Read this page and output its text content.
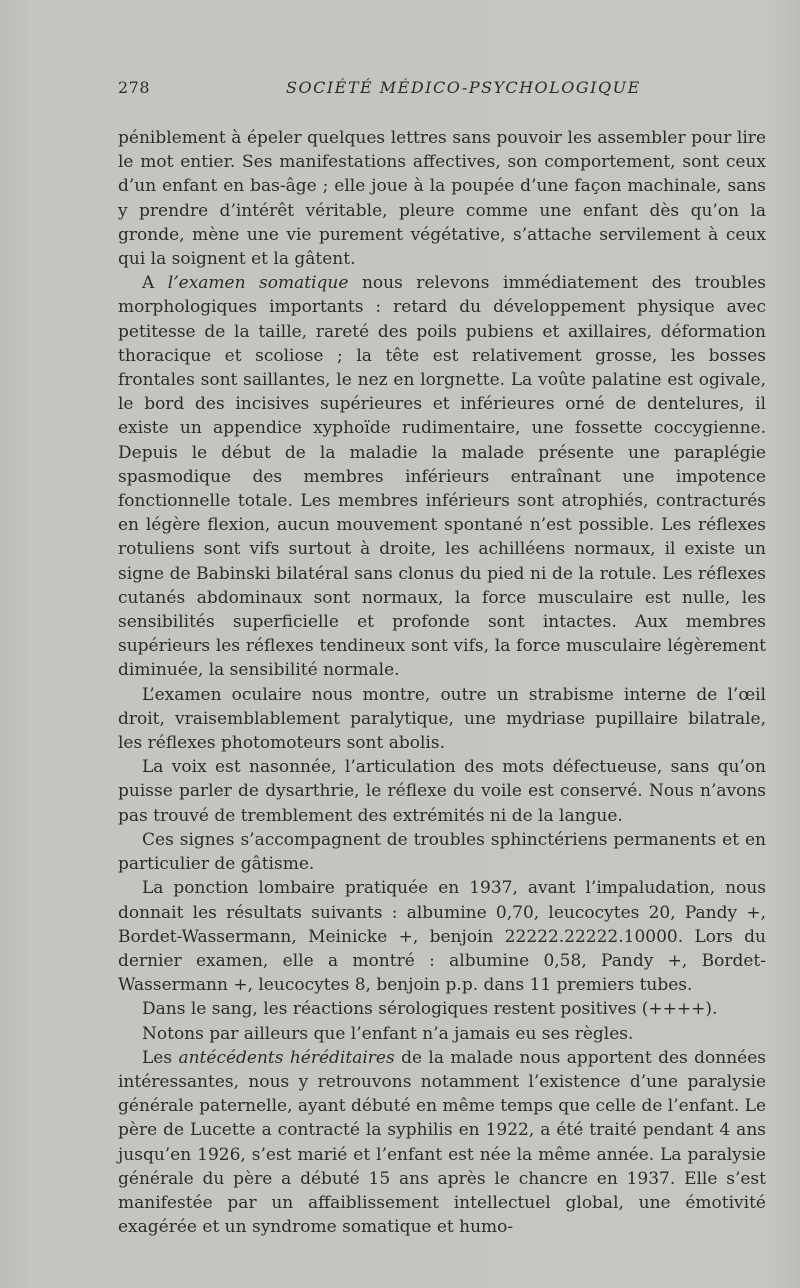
278	SOCIÉTÉ MÉDICO-PSYCHOLOGIQUE

péniblement à épeler quelques lettres sans pouvoir les assembler pour lire le mot entier. Ses manifestations affectives, son comportement, sont ceux d’un enfant en bas-âge ; elle joue à la poupée d’une façon machinale, sans y prendre d’intérêt véritable, pleure comme une enfant dès qu’on la gronde, mène une vie purement végétative, s’attache servilement à ceux qui la soignent et la gâtent.

A l’examen somatique nous relevons immédiatement des troubles morphologiques importants : retard du développement physique avec petitesse de la taille, rareté des poils pubiens et axillaires, déformation thoracique et scoliose ; la tête est relativement grosse, les bosses frontales sont saillantes, le nez en lorgnette. La voûte palatine est ogivale, le bord des incisives supérieures et inférieures orné de dentelures, il existe un appendice xyphoïde rudimentaire, une fossette coccygienne. Depuis le début de la maladie la malade présente une paraplégie spasmodique des membres inférieurs entraînant une impotence fonctionnelle totale. Les membres inférieurs sont atrophiés, contracturés en légère flexion, aucun mouvement spontané n’est possible. Les réflexes rotuliens sont vifs surtout à droite, les achilléens normaux, il existe un signe de Babinski bilatéral sans clonus du pied ni de la rotule. Les réflexes cutanés abdominaux sont normaux, la force musculaire est nulle, les sensibilités superficielle et profonde sont intactes. Aux membres supérieurs les réflexes tendineux sont vifs, la force musculaire légèrement diminuée, la sensibilité normale.

L’examen oculaire nous montre, outre un strabisme interne de l’œil droit, vraisemblablement paralytique, une mydriase pupillaire bilatrale, les réflexes photomoteurs sont abolis.

La voix est nasonnée, l’articulation des mots défectueuse, sans qu’on puisse parler de dysarthrie, le réflexe du voile est conservé. Nous n’avons pas trouvé de tremblement des extrémités ni de la langue.

Ces signes s’accompagnent de troubles sphinctériens permanents et en particulier de gâtisme.

La ponction lombaire pratiquée en 1937, avant l’impaludation, nous donnait les résultats suivants : albumine 0,70, leucocytes 20, Pandy +, Bordet-Wassermann, Meinicke +, benjoin 22222.22222.10000. Lors du dernier examen, elle a montré : albumine 0,58, Pandy +, Bordet-Wassermann +, leucocytes 8, benjoin p.p. dans 11 premiers tubes.

Dans le sang, les réactions sérologiques restent positives (++++).

Notons par ailleurs que l’enfant n’a jamais eu ses règles.

Les antécédents héréditaires de la malade nous apportent des données intéressantes, nous y retrouvons notamment l’existence d’une paralysie générale paternelle, ayant débuté en même temps que celle de l’enfant. Le père de Lucette a contracté la syphilis en 1922, a été traité pendant 4 ans jusqu’en 1926, s’est marié et l’enfant est née la même année. La paralysie générale du père a débuté 15 ans après le chancre en 1937. Elle s’est manifestée par un affaiblissement intellectuel global, une émotivité exagérée et un syndrome somatique et humo-
